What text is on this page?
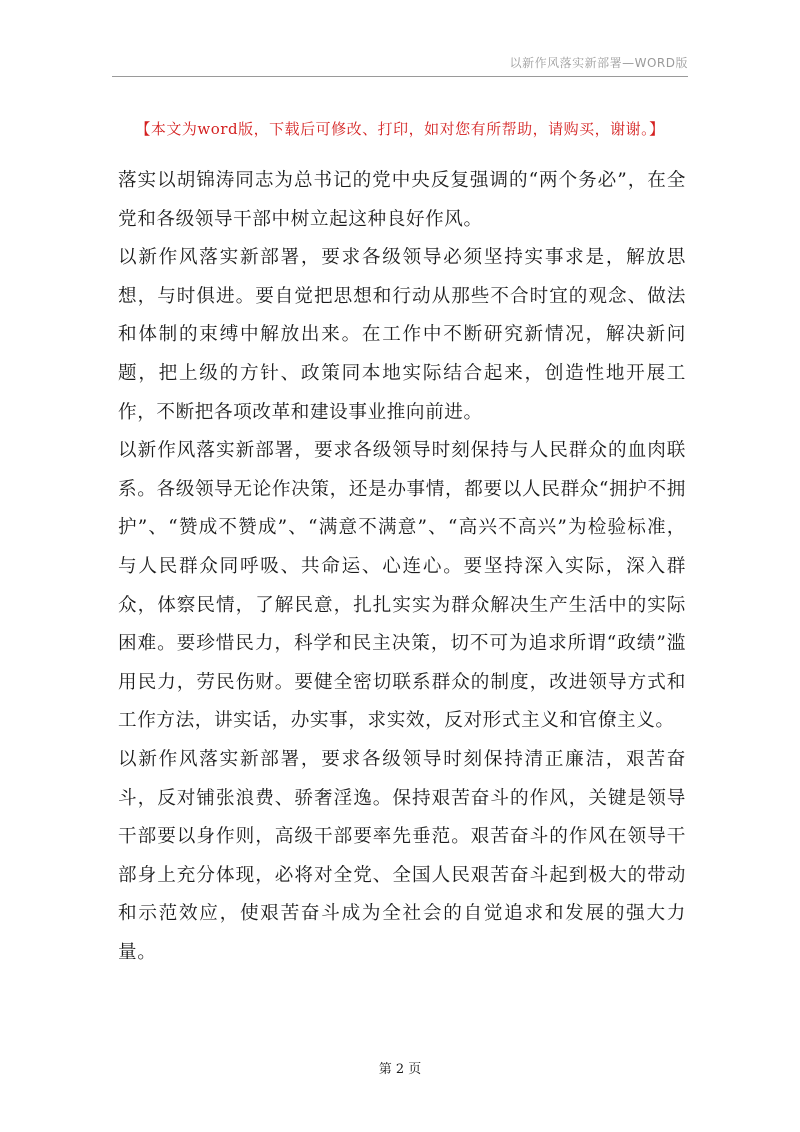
以新作风落实新部署—WORD版
【本文为word版，下载后可修改、打印，如对您有所帮助，请购买，谢谢。】

落实以胡锦涛同志为总书记的党中央反复强调的“两个务必”，在全党和各级领导干部中树立起这种良好作风。

以新作风落实新部署，要求各级领导必须坚持实事求是，解放思想，与时俱进。要自觉把思想和行动从那些不合时宜的观念、做法和体制的束缚中解放出来。在工作中不断研究新情况，解决新问题，把上级的方针、政策同本地实际结合起来，创造性地开展工作，不断把各项改革和建设事业推向前进。

以新作风落实新部署，要求各级领导时刻保持与人民群众的血肉联系。各级领导无论作决策，还是办事情，都要以人民群众“拥护不拥护”、“赞成不赞成”、“满意不满意”、“高兴不高兴”为检验标准，与人民群众同呼吸、共命运、心连心。要坚持深入实际，深入群众，体察民情，了解民意，扎扎实实为群众解决生产生活中的实际困难。要珍惜民力，科学和民主决策，切不可为追求所谓“政绩”滥用民力，劳民伤财。要健全密切联系群众的制度，改进领导方式和工作方法，讲实话，办实事，求实效，反对形式主义和官僚主义。

以新作风落实新部署，要求各级领导时刻保持清正廉洁，艰苦奋斗，反对铺张浪费、骄奢淫逸。保持艰苦奋斗的作风，关键是领导干部要以身作则，高级干部要率先垂范。艰苦奋斗的作风在领导干部身上充分体现，必将对全党、全国人民艰苦奋斗起到极大的带动和示范效应，使艰苦奋斗成为全社会的自觉追求和发展的强大力量。

第 2 页
